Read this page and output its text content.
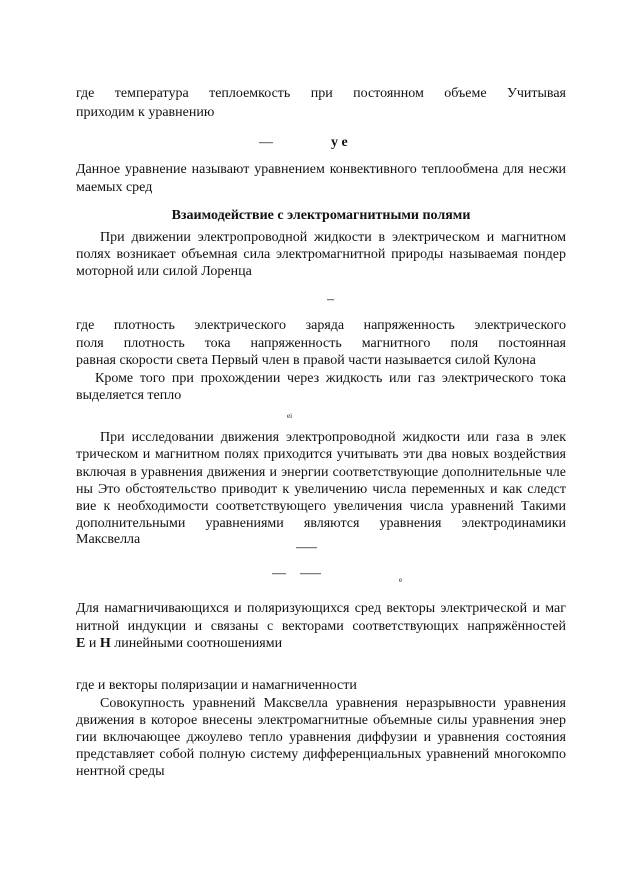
где температура теплоемкость при постоянном объеме Учитывая
приходим к уравнению
—	у е
Данное уравнение называют уравнением конвективного теплообмена для несжи
маемых сред
Взаимодействие с электромагнитными полями
При движении электропроводной жидкости в электрическом и магнитном
полях возникает объемная сила электромагнитной природы называемая пондер
моторной или силой Лоренца
–
где плотность электрического заряда напряженность электрического
поля плотность тока напряженность магнитного поля постоянная
равная скорости света Первый член в правой части называется силой Кулона
Кроме того при прохождении через жидкость или газ электрического тока
выделяется тепло
ei
При исследовании движения электропроводной жидкости или газа в элек
трическом и магнитном полях приходится учитывать эти два новых воздействия
включая в уравнения движения и энергии соответствующие дополнительные чле
ны Это обстоятельство приводит к увеличению числа переменных и как следст
вие к необходимости соответствующего увеличения числа уравнений Такими
дополнительными уравнениями являются уравнения электродинамики Максвелла
–—
— –—	е
Для намагничивающихся и поляризующихся сред векторы электрической и маг
нитной индукции и связаны с векторами соответствующих напряжённостей
E и H линейными соотношениями
где и векторы поляризации и намагниченности
Совокупность уравнений Максвелла уравнения неразрывности уравнения
движения в которое внесены электромагнитные объемные силы уравнения энер
гии включающее джоулево тепло уравнения диффузии и уравнения состояния
представляет собой полную систему дифференциальных уравнений многокомпо
нентной среды
